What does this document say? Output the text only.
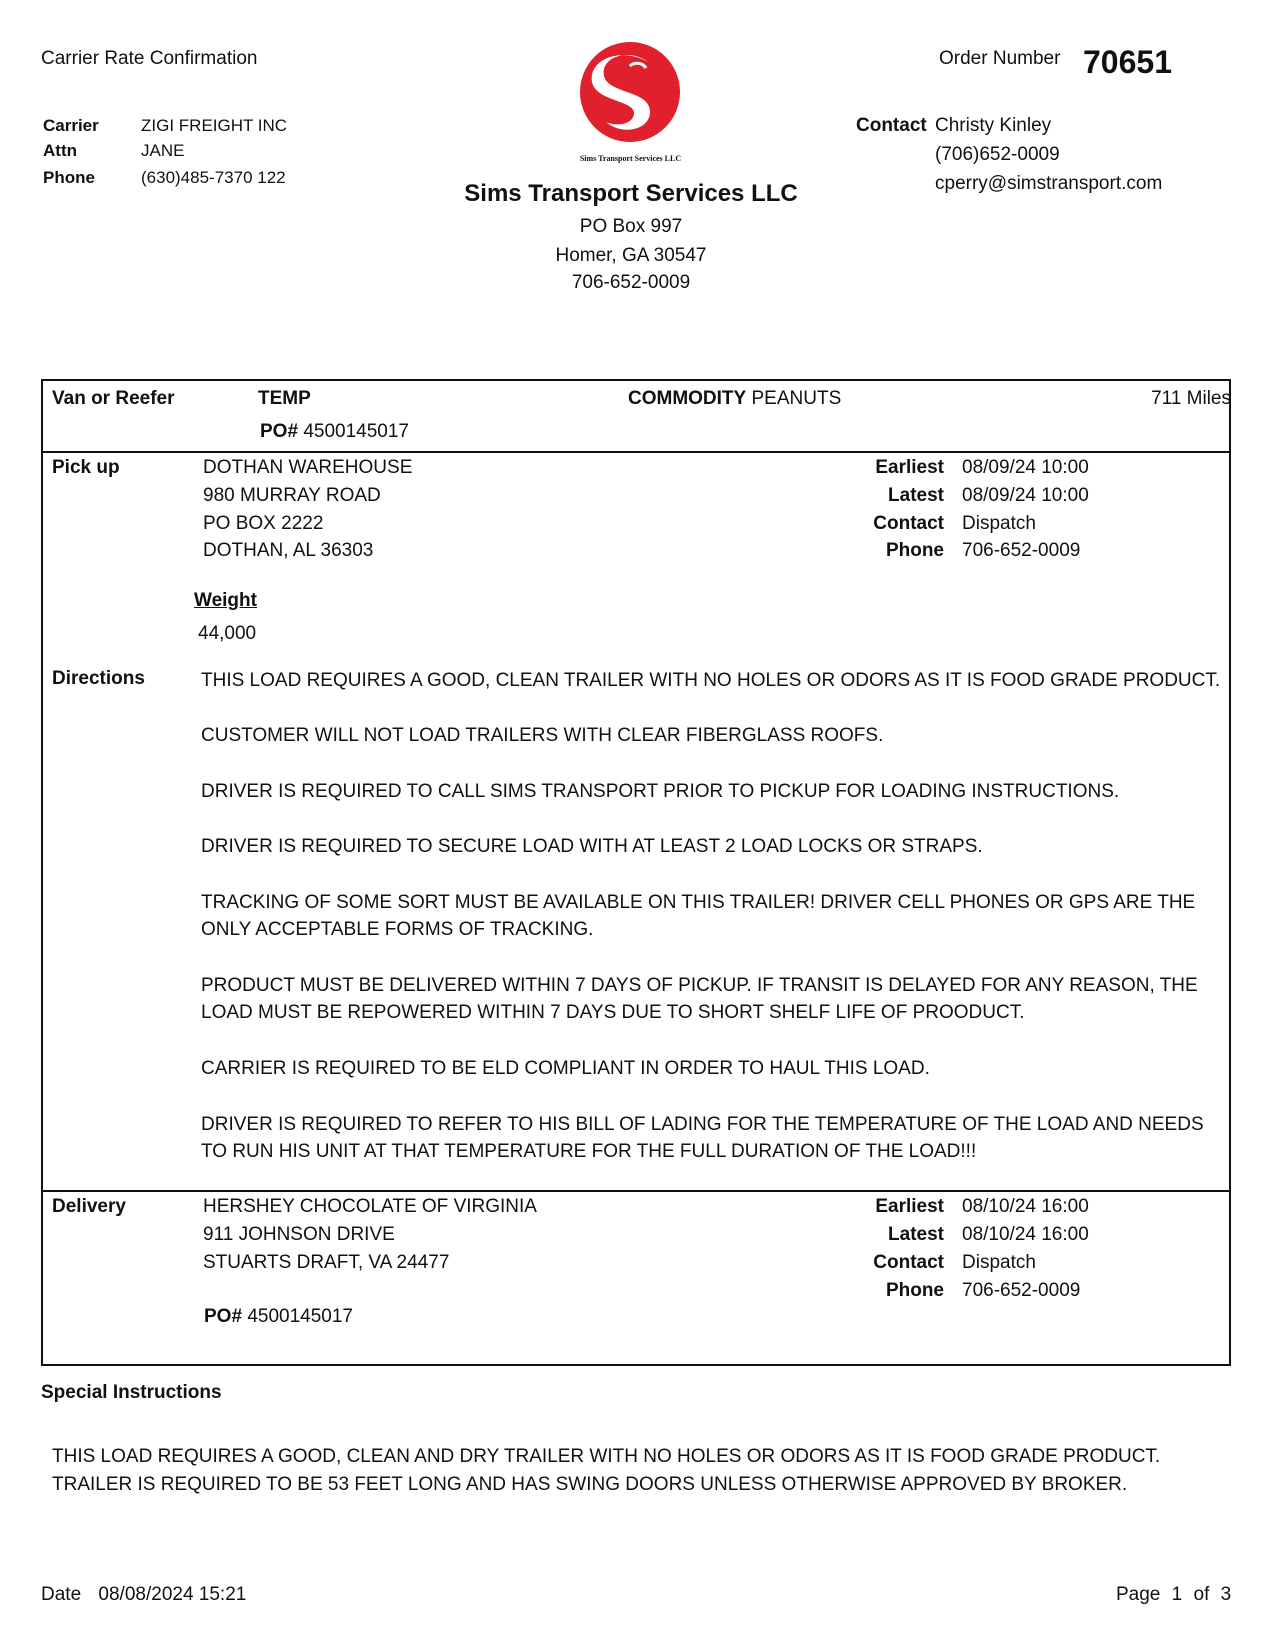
Carrier Rate Confirmation	Order Number 70651
Carrier ZIGI FREIGHT INC
Attn	JANE
Phone	(630)485-7370 122
Sims Transport Services LLC
Sims Transport Services LLC
PO Box 997
Homer, GA 30547
706-652-0009
Contact Christy Kinley
(706)652-0009
cperry@simstransport.com
Van or Reefer	TEMP
PO# 4500145017
COMMODITY PEANUTS	711 Miles
Pick up	DOTHAN WAREHOUSE
980 MURRAY ROAD
PO BOX 2222
DOTHAN, AL 36303
Earliest 08/09/24 10:00
Latest 08/09/24 10:00
Contact Dispatch
Phone 706-652-0009
Weight
44,000
Directions	THIS LOAD REQUIRES A GOOD, CLEAN TRAILER WITH NO HOLES OR ODORS AS IT IS FOOD GRADE PRODUCT.
CUSTOMER WILL NOT LOAD TRAILERS WITH CLEAR FIBERGLASS ROOFS.
DRIVER IS REQUIRED TO CALL SIMS TRANSPORT PRIOR TO PICKUP FOR LOADING INSTRUCTIONS.
DRIVER IS REQUIRED TO SECURE LOAD WITH AT LEAST 2 LOAD LOCKS OR STRAPS.
TRACKING OF SOME SORT MUST BE AVAILABLE ON THIS TRAILER! DRIVER CELL PHONES OR GPS ARE THE ONLY ACCEPTABLE FORMS OF TRACKING.
PRODUCT MUST BE DELIVERED WITHIN 7 DAYS OF PICKUP. IF TRANSIT IS DELAYED FOR ANY REASON, THE LOAD MUST BE REPOWERED WITHIN 7 DAYS DUE TO SHORT SHELF LIFE OF PROODUCT.
CARRIER IS REQUIRED TO BE ELD COMPLIANT IN ORDER TO HAUL THIS LOAD.
DRIVER IS REQUIRED TO REFER TO HIS BILL OF LADING FOR THE TEMPERATURE OF THE LOAD AND NEEDS TO RUN HIS UNIT AT THAT TEMPERATURE FOR THE FULL DURATION OF THE LOAD!!!
Delivery	HERSHEY CHOCOLATE OF VIRGINIA
911 JOHNSON DRIVE
STUARTS DRAFT, VA 24477
Earliest 08/10/24 16:00
Latest 08/10/24 16:00
Contact Dispatch
Phone 706-652-0009
PO# 4500145017
Special Instructions
THIS LOAD REQUIRES A GOOD, CLEAN AND DRY TRAILER WITH NO HOLES OR ODORS AS IT IS FOOD GRADE PRODUCT.
TRAILER IS REQUIRED TO BE 53 FEET LONG AND HAS SWING DOORS UNLESS OTHERWISE APPROVED BY BROKER.
Date 08/08/2024 15:21	Page 1 of 3
